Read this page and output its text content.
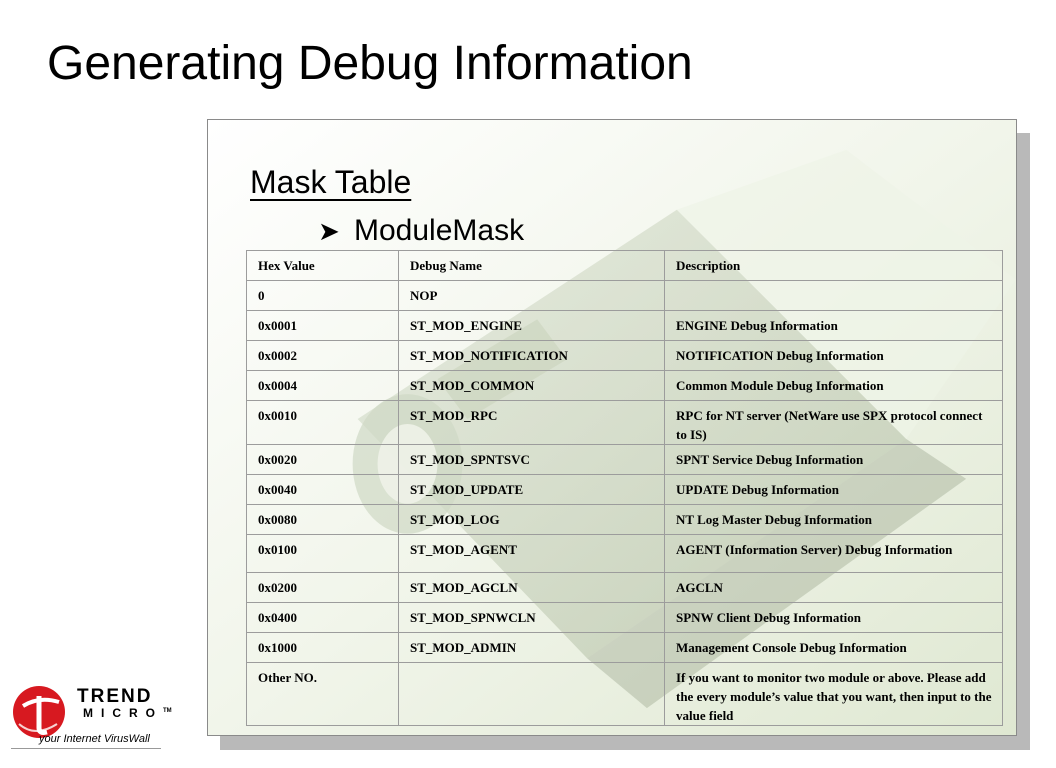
Generating Debug Information
Mask Table
➤ ModuleMask
Hex Value	Debug Name	Description
0	NOP	
0x0001	ST_MOD_ENGINE	ENGINE Debug Information
0x0002	ST_MOD_NOTIFICATION	NOTIFICATION Debug Information
0x0004	ST_MOD_COMMON	Common Module Debug Information
0x0010	ST_MOD_RPC	RPC for NT server (NetWare use SPX protocol connect to IS)
0x0020	ST_MOD_SPNTSVC	SPNT Service Debug Information
0x0040	ST_MOD_UPDATE	UPDATE Debug Information
0x0080	ST_MOD_LOG	NT Log Master Debug Information
0x0100	ST_MOD_AGENT	AGENT (Information Server) Debug Information
0x0200	ST_MOD_AGCLN	AGCLN
0x0400	ST_MOD_SPNWCLN	SPNW Client Debug Information
0x1000	ST_MOD_ADMIN	Management Console Debug Information
Other NO.		If you want to monitor two module or above. Please add the every module’s value that you want, then input to the value field
TREND
MICRO™
your Internet VirusWall
